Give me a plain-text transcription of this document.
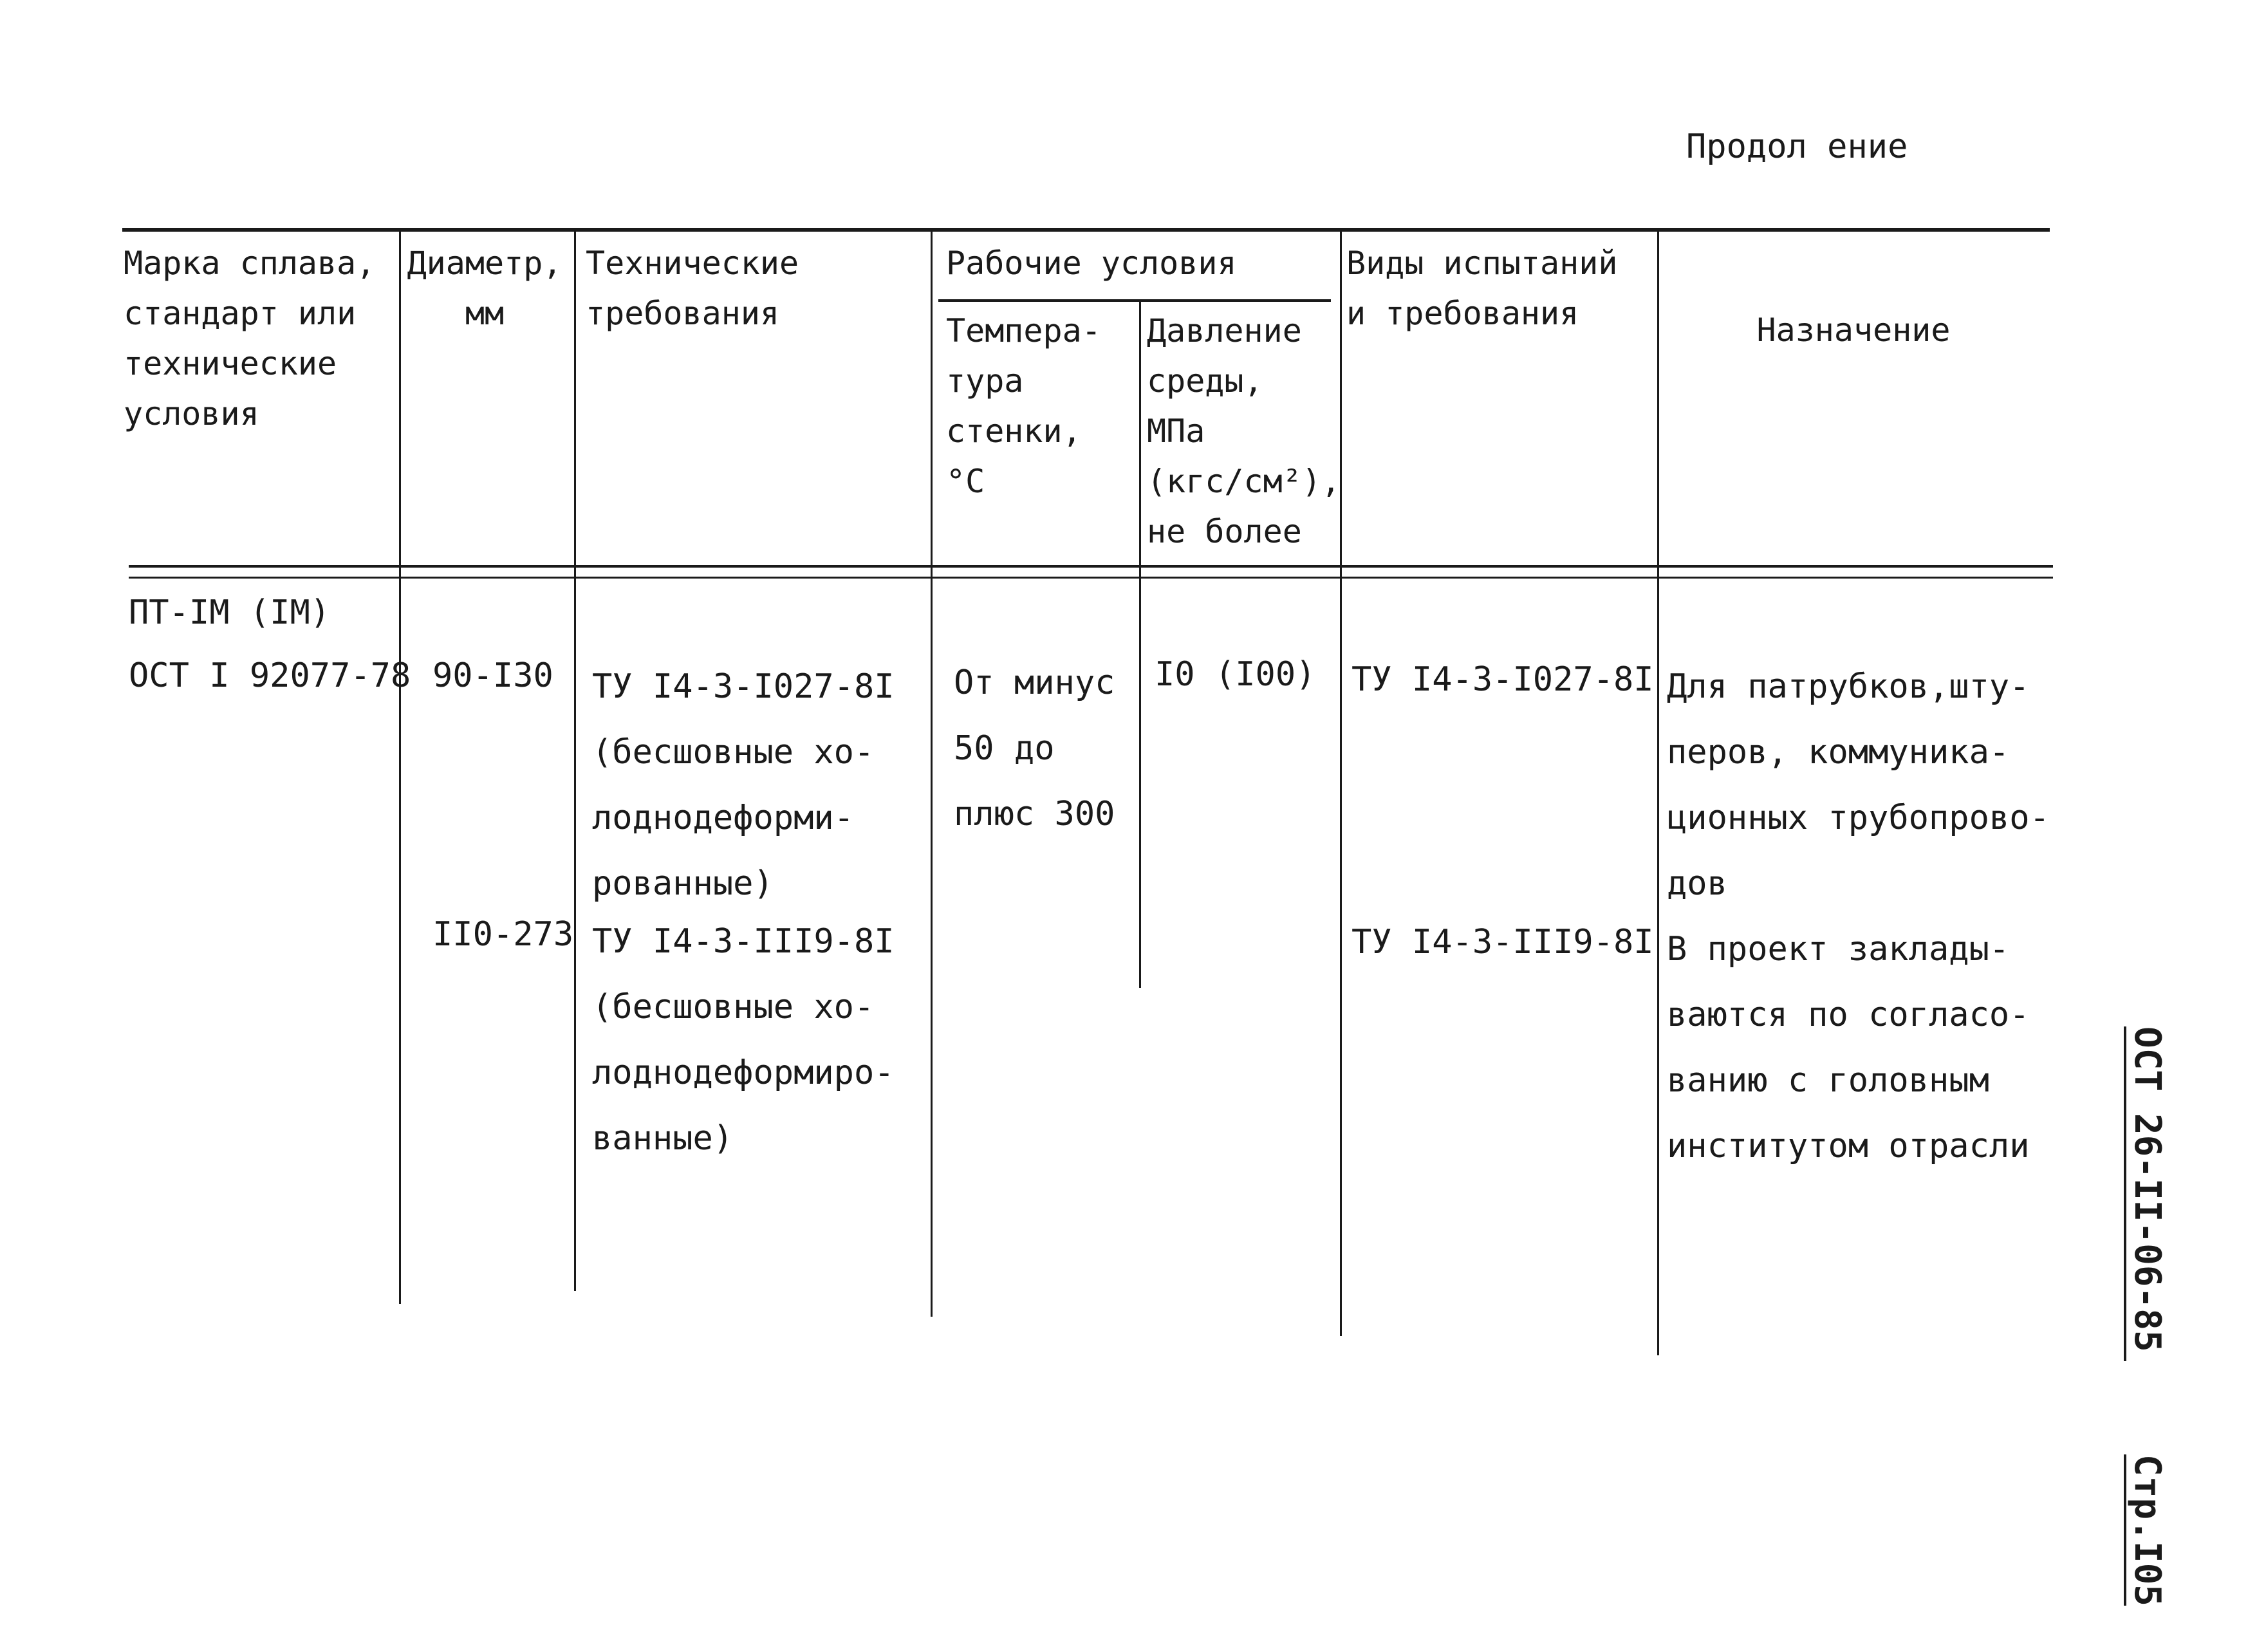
Продол ение
Марка сплава,
стандарт или
технические
условия
Диаметр,
мм
Технические
требования
Рабочие условия
Темпера-
тура
стенки,
°С
Давление
среды,
МПа
(кгс/см²),
не более
Виды испытаний
и требования	Назначение
ПТ-IM (IM)
ОСТ I 92077-78 90-I30 ТУ I4-3-I027-8I
(бесшовные хо-
лоднодеформи-
рованные)
От минус
50 до
плюс 300
I0 (I00) ТУ I4-3-I027-8I Для патрубков,шту-
перов, коммуника-
ционных трубопрово-
дов
II0-273 ТУ I4-3-III9-8I
(бесшовные хо-
лоднодеформиро-
ванные)
ТУ I4-3-III9-8I В проект заклады-
ваются по согласо-
ванию с головным
институтом отрасли	ОСТ 26-II-06-85
Стр.I05
